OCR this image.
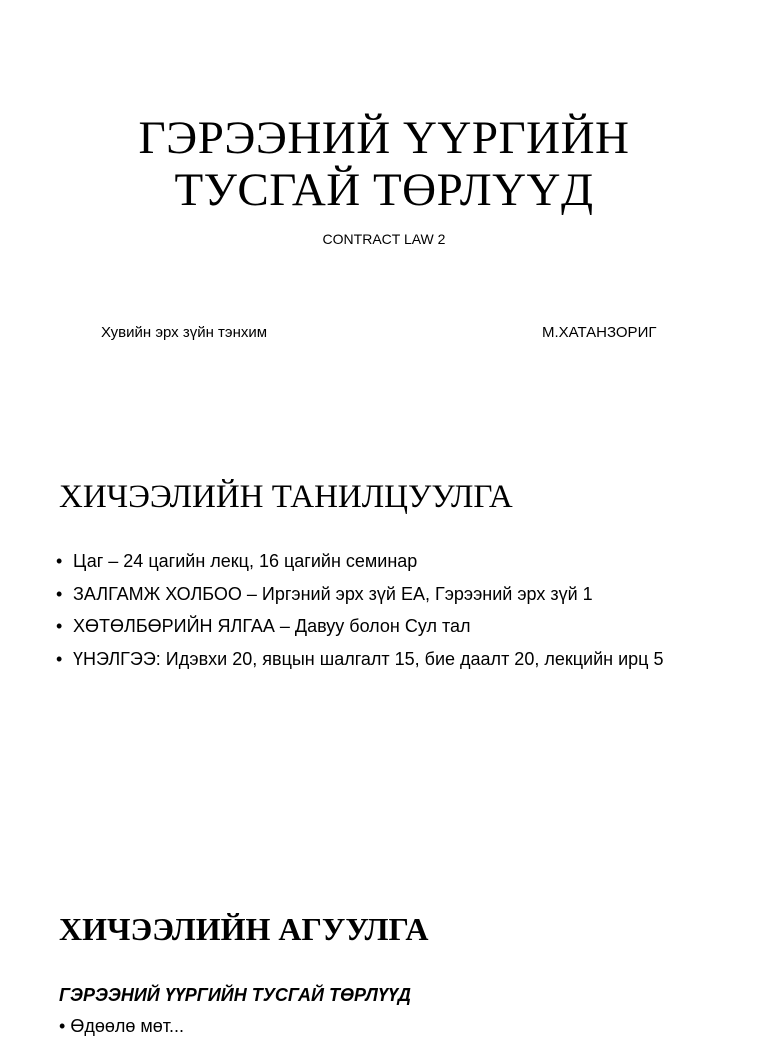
ГЭРЭЭНИЙ ҮҮРГИЙН
ТУСГАЙ ТӨРЛҮҮД
CONTRACT LAW 2
Хувийн эрх зүйн тэнхим	М.ХАТАНЗОРИГ
ХИЧЭЭЛИЙН ТАНИЛЦУУЛГА
• Цаг – 24 цагийн лекц, 16 цагийн семинар
• ЗАЛГАМЖ ХОЛБОО – Иргэний эрх зүй ЕА, Гэрээний эрх зүй 1
• ХӨТӨЛБӨРИЙН ЯЛГАА – Давуу болон Сул тал
• ҮНЭЛГЭЭ: Идэвхи 20, явцын шалгалт 15, бие даалт 20, лекцийн ирц 5
ХИЧЭЭЛИЙН АГУУЛГА
ГЭРЭЭНИЙ ҮҮРГИЙН ТУСГАЙ ТӨРЛҮҮД
• Өдөөлө мөт...
